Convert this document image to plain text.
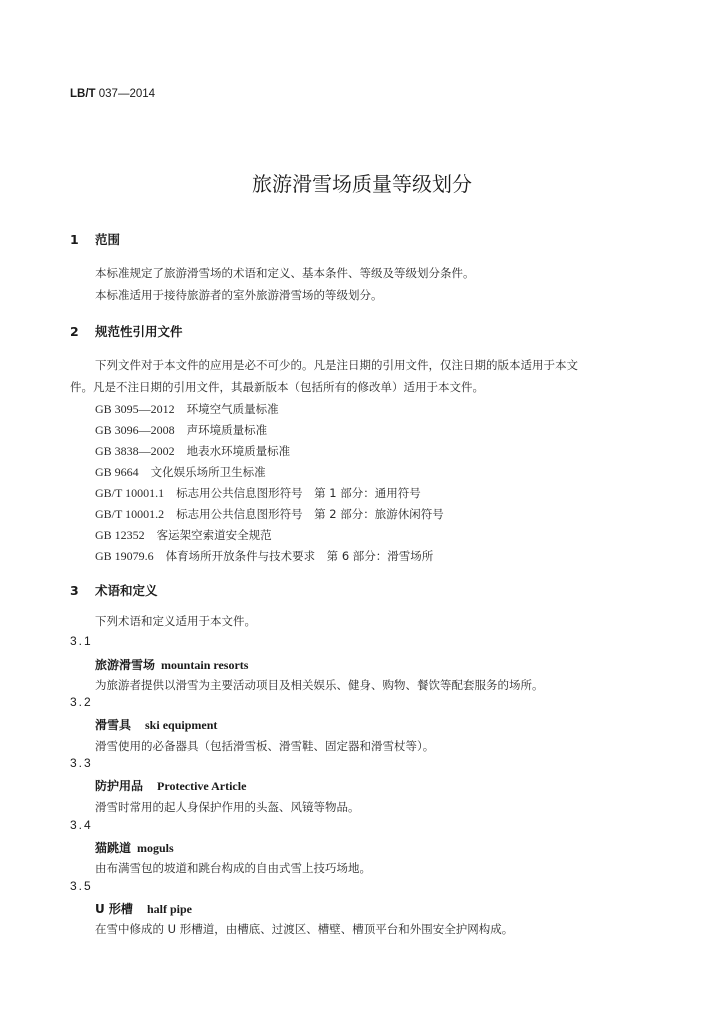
LB/T 037—2014
旅游滑雪场质量等级划分
1 范围
本标准规定了旅游滑雪场的术语和定义、基本条件、等级及等级划分条件。
本标准适用于接待旅游者的室外旅游滑雪场的等级划分。
2 规范性引用文件
下列文件对于本文件的应用是必不可少的。凡是注日期的引用文件，仅注日期的版本适用于本文
件。凡是不注日期的引用文件，其最新版本（包括所有的修改单）适用于本文件。
GB 3095—2012 环境空气质量标准
GB 3096—2008 声环境质量标准
GB 3838—2002 地表水环境质量标准
GB 9664 文化娱乐场所卫生标准
GB/T 10001.1 标志用公共信息图形符号　第 1 部分：通用符号
GB/T 10001.2 标志用公共信息图形符号　第 2 部分：旅游休闲符号
GB 12352 客运架空索道安全规范
GB 19079.6 体育场所开放条件与技术要求　第 6 部分：滑雪场所
3 术语和定义
下列术语和定义适用于本文件。
3.1
旅游滑雪场 mountain resorts
为旅游者提供以滑雪为主要活动项目及相关娱乐、健身、购物、餐饮等配套服务的场所。
3.2
滑雪具 ski equipment
滑雪使用的必备器具（包括滑雪板、滑雪鞋、固定器和滑雪杖等）。
3.3
防护用品 Protective Article
滑雪时常用的起人身保护作用的头盔、风镜等物品。
3.4
猫跳道 moguls
由布满雪包的坡道和跳台构成的自由式雪上技巧场地。
3.5
U 形槽 half pipe
在雪中修成的 U 形槽道，由槽底、过渡区、槽壁、槽顶平台和外围安全护网构成。
